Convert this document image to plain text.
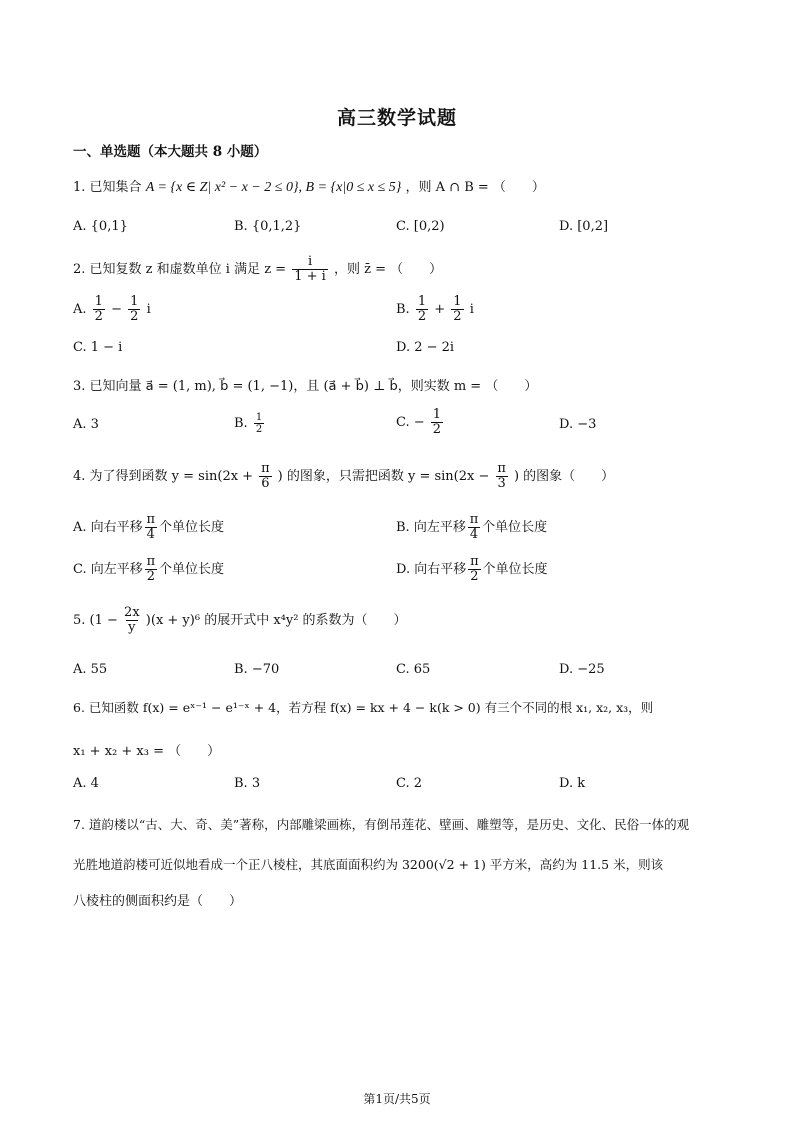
高三数学试题
一、单选题（本大题共 8 小题）
1. 已知集合 A = {x ∈ Z| x² − x − 2 ≤ 0}, B = {x|0 ≤ x ≤ 5} ，则 A ∩ B = （　　）
A. {0,1}	B. {0,1,2}	C. [0,2)	D. [0,2]
2. 已知复数 z 和虚数单位 i 满足 $z = \frac{i}{1 + i}$ ，则 z̄ = （　　）
A. $\frac{1}{2} - \frac{1}{2}$ i	B. $\frac{1}{2} + \frac{1}{2}$ i
C. 1 − i	D. 2 − 2i
3. 已知向量 a⃗ = (1, m), b⃗ = (1, −1)，且 (a⃗ + b⃗) ⊥ b⃗，则实数 m = （　　）
A. 3	B. $\frac{1}{2}$	C. − $\frac{1}{2}$	D. −3
4. 为了得到函数 $y = \sin(2x + \frac{\pi}{6}$ ) 的图象，只需把函数 $y = \sin(2x - \frac{\pi}{3}$ ) 的图象（　　）
A. 向右平移 $\frac{\pi}{4}$ 个单位长度	B. 向左平移 $\frac{\pi}{4}$ 个单位长度
C. 向左平移 $\frac{\pi}{2}$ 个单位长度	D. 向右平移 $\frac{\pi}{2}$ 个单位长度
5. $(1 - \frac{2x}{y} )(x + y)^6$ 的展开式中 x⁴y² 的系数为（　　）
A. 55	B. −70	C. 65	D. −25
6. 已知函数 f(x) = eˣ⁻¹ − e¹⁻ˣ + 4，若方程 f(x) = kx + 4 − k(k > 0) 有三个不同的根 x₁, x₂, x₃，则
x₁ + x₂ + x₃ = （　　）
A. 4	B. 3	C. 2	D. k
7. 道韵楼以“古、大、奇、美”著称，内部雕梁画栋，有倒吊莲花、壁画、雕塑等，是历史、文化、民俗一体的观
光胜地道韵楼可近似地看成一个正八棱柱，其底面面积约为 3200(√2 + 1) 平方米，高约为 11.5 米，则该
八棱柱的侧面积约是（　　）
第1页/共5页
